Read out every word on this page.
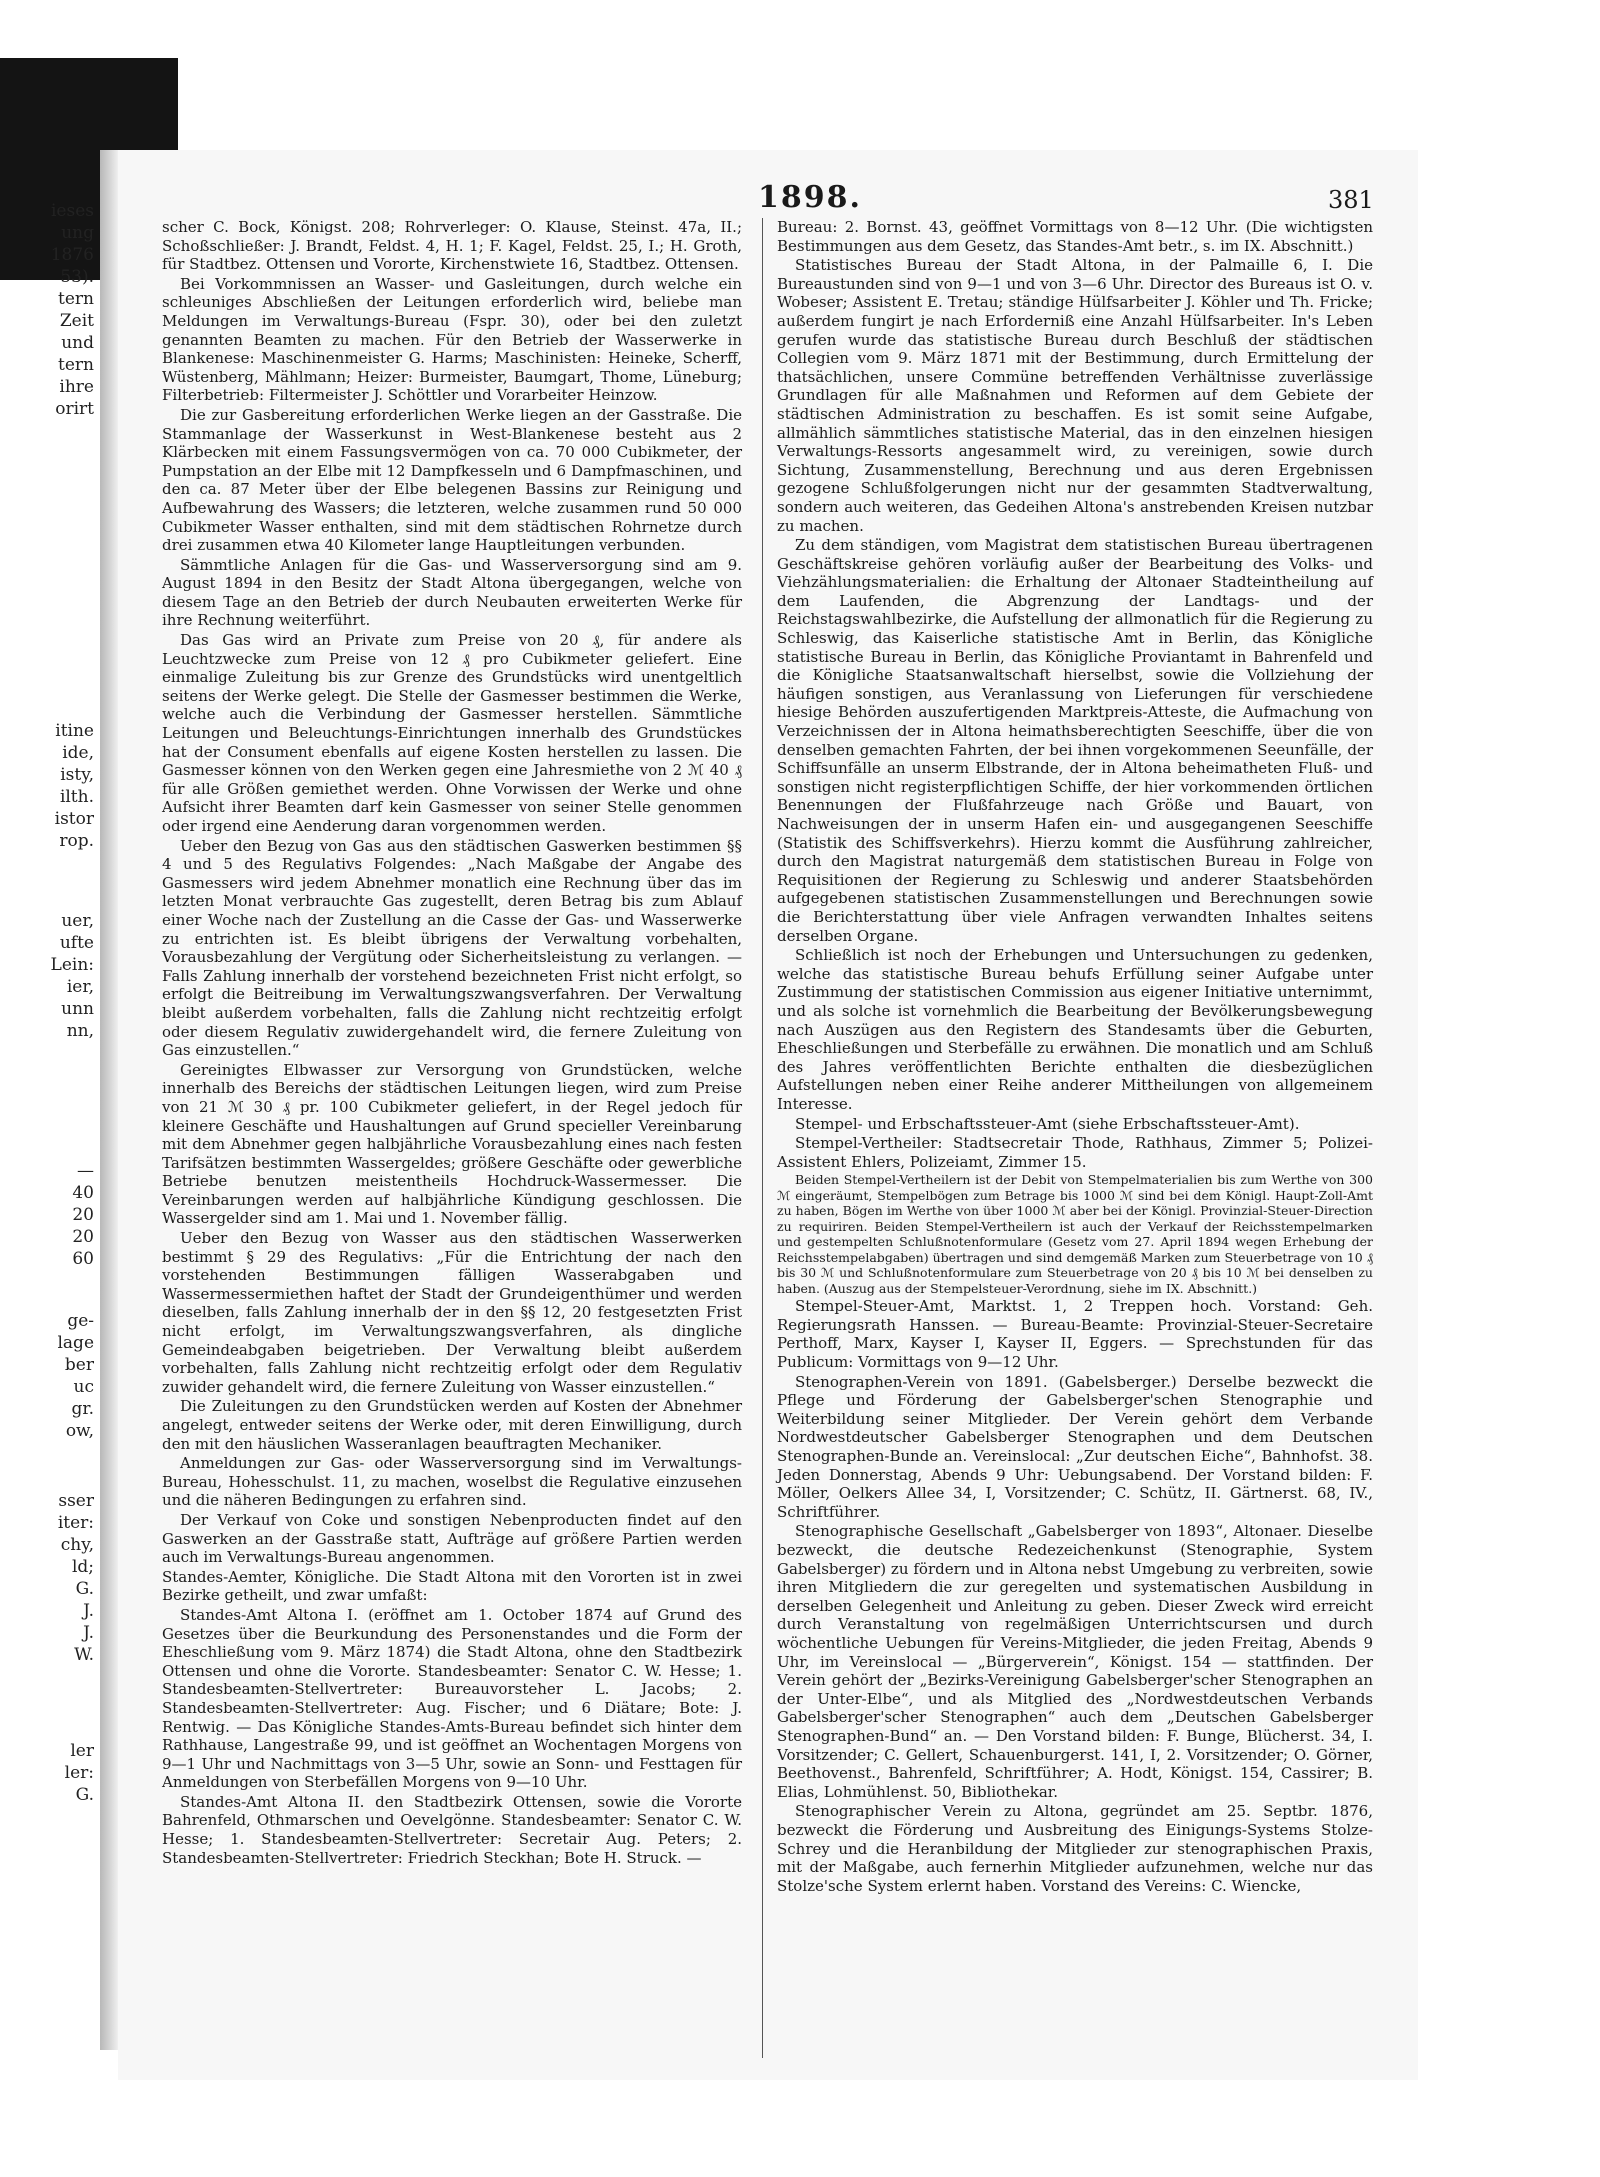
ieses
ung
1876
53).
tern
Zeit
und
tern
ihre
orirt
itine
ide,
isty,
ilth.
istor
rop.
uer,
ufte
Lein:
ier,
unn
nn,
—
40
20
20
60
ge-
lage
ber
uc
gr.
ow,
sser
iter:
chy,
ld;
G.
J.
J.
W.
ler
ler:
G.
1898.	381

scher C. Bock, Königst. 208; Rohrverleger: O. Klause, Steinst. 47a, II.; Schoßschließer: J. Brandt, Feldst. 4, H. 1; F. Kagel, Feldst. 25, I.; H. Groth, für Stadtbez. Ottensen und Vororte, Kirchenstwiete 16, Stadtbez. Ottensen.

Bei Vorkommnissen an Wasser- und Gasleitungen, durch welche ein schleuniges Abschließen der Leitungen erforderlich wird, beliebe man Meldungen im Verwaltungs-Bureau (Fspr. 30), oder bei den zuletzt genannten Beamten zu machen. Für den Betrieb der Wasserwerke in Blankenese: Maschinenmeister G. Harms; Maschinisten: Heineke, Scherff, Wüstenberg, Mählmann; Heizer: Burmeister, Baumgart, Thome, Lüneburg; Filterbetrieb: Filtermeister J. Schöttler und Vorarbeiter Heinzow.

Die zur Gasbereitung erforderlichen Werke liegen an der Gasstraße. Die Stammanlage der Wasserkunst in West-Blankenese besteht aus 2 Klärbecken mit einem Fassungsvermögen von ca. 70 000 Cubikmeter, der Pumpstation an der Elbe mit 12 Dampfkesseln und 6 Dampfmaschinen, und den ca. 87 Meter über der Elbe belegenen Bassins zur Reinigung und Aufbewahrung des Wassers; die letzteren, welche zusammen rund 50 000 Cubikmeter Wasser enthalten, sind mit dem städtischen Rohrnetze durch drei zusammen etwa 40 Kilometer lange Hauptleitungen verbunden.

Sämmtliche Anlagen für die Gas- und Wasserversorgung sind am 9. August 1894 in den Besitz der Stadt Altona übergegangen, welche von diesem Tage an den Betrieb der durch Neubauten erweiterten Werke für ihre Rechnung weiterführt.

Das Gas wird an Private zum Preise von 20 ₰, für andere als Leuchtzwecke zum Preise von 12 ₰ pro Cubikmeter geliefert. Eine einmalige Zuleitung bis zur Grenze des Grundstücks wird unentgeltlich seitens der Werke gelegt. Die Stelle der Gasmesser bestimmen die Werke, welche auch die Verbindung der Gasmesser herstellen. Sämmtliche Leitungen und Beleuchtungs-Einrichtungen innerhalb des Grundstückes hat der Consument ebenfalls auf eigene Kosten herstellen zu lassen. Die Gasmesser können von den Werken gegen eine Jahresmiethe von 2 ℳ 40 ₰ für alle Größen gemiethet werden. Ohne Vorwissen der Werke und ohne Aufsicht ihrer Beamten darf kein Gasmesser von seiner Stelle genommen oder irgend eine Aenderung daran vorgenommen werden.

Ueber den Bezug von Gas aus den städtischen Gaswerken bestimmen §§ 4 und 5 des Regulativs Folgendes: „Nach Maßgabe der Angabe des Gasmessers wird jedem Abnehmer monatlich eine Rechnung über das im letzten Monat verbrauchte Gas zugestellt, deren Betrag bis zum Ablauf einer Woche nach der Zustellung an die Casse der Gas- und Wasserwerke zu entrichten ist. Es bleibt übrigens der Verwaltung vorbehalten, Vorausbezahlung der Vergütung oder Sicherheitsleistung zu verlangen. — Falls Zahlung innerhalb der vorstehend bezeichneten Frist nicht erfolgt, so erfolgt die Beitreibung im Verwaltungszwangsverfahren. Der Verwaltung bleibt außerdem vorbehalten, falls die Zahlung nicht rechtzeitig erfolgt oder diesem Regulativ zuwidergehandelt wird, die fernere Zuleitung von Gas einzustellen.“

Gereinigtes Elbwasser zur Versorgung von Grundstücken, welche innerhalb des Bereichs der städtischen Leitungen liegen, wird zum Preise von 21 ℳ 30 ₰ pr. 100 Cubikmeter geliefert, in der Regel jedoch für kleinere Geschäfte und Haushaltungen auf Grund specieller Vereinbarung mit dem Abnehmer gegen halbjährliche Vorausbezahlung eines nach festen Tarifsätzen bestimmten Wassergeldes; größere Geschäfte oder gewerbliche Betriebe benutzen meistentheils Hochdruck-Wassermesser. Die Vereinbarungen werden auf halbjährliche Kündigung geschlossen. Die Wassergelder sind am 1. Mai und 1. November fällig.

Ueber den Bezug von Wasser aus den städtischen Wasserwerken bestimmt § 29 des Regulativs: „Für die Entrichtung der nach den vorstehenden Bestimmungen fälligen Wasserabgaben und Wassermessermiethen haftet der Stadt der Grundeigenthümer und werden dieselben, falls Zahlung innerhalb der in den §§ 12, 20 festgesetzten Frist nicht erfolgt, im Verwaltungszwangsverfahren, als dingliche Gemeindeabgaben beigetrieben. Der Verwaltung bleibt außerdem vorbehalten, falls Zahlung nicht rechtzeitig erfolgt oder dem Regulativ zuwider gehandelt wird, die fernere Zuleitung von Wasser einzustellen.“

Die Zuleitungen zu den Grundstücken werden auf Kosten der Abnehmer angelegt, entweder seitens der Werke oder, mit deren Einwilligung, durch den mit den häuslichen Wasseranlagen beauftragten Mechaniker.

Anmeldungen zur Gas- oder Wasserversorgung sind im Verwaltungs-Bureau, Hohesschulst. 11, zu machen, woselbst die Regulative einzusehen und die näheren Bedingungen zu erfahren sind.

Der Verkauf von Coke und sonstigen Nebenproducten findet auf den Gaswerken an der Gasstraße statt, Aufträge auf größere Partien werden auch im Verwaltungs-Bureau angenommen.

Standes-Aemter, Königliche. Die Stadt Altona mit den Vororten ist in zwei Bezirke getheilt, und zwar umfaßt:

Standes-Amt Altona I. (eröffnet am 1. October 1874 auf Grund des Gesetzes über die Beurkundung des Personenstandes und die Form der Eheschließung vom 9. März 1874) die Stadt Altona, ohne den Stadtbezirk Ottensen und ohne die Vororte. Standesbeamter: Senator C. W. Hesse; 1. Standesbeamten-Stellvertreter: Bureauvorsteher L. Jacobs; 2. Standesbeamten-Stellvertreter: Aug. Fischer; und 6 Diätare; Bote: J. Rentwig. — Das Königliche Standes-Amts-Bureau befindet sich hinter dem Rathhause, Langestraße 99, und ist geöffnet an Wochentagen Morgens von 9—1 Uhr und Nachmittags von 3—5 Uhr, sowie an Sonn- und Festtagen für Anmeldungen von Sterbefällen Morgens von 9—10 Uhr.

Standes-Amt Altona II. den Stadtbezirk Ottensen, sowie die Vororte Bahrenfeld, Othmarschen und Oevelgönne. Standesbeamter: Senator C. W. Hesse; 1. Standesbeamten-Stellvertreter: Secretair Aug. Peters; 2. Standesbeamten-Stellvertreter: Friedrich Steckhan; Bote H. Struck. —

Bureau: 2. Bornst. 43, geöffnet Vormittags von 8—12 Uhr. (Die wichtigsten Bestimmungen aus dem Gesetz, das Standes-Amt betr., s. im IX. Abschnitt.)

Statistisches Bureau der Stadt Altona, in der Palmaille 6, I. Die Bureaustunden sind von 9—1 und von 3—6 Uhr. Director des Bureaus ist O. v. Wobeser; Assistent E. Tretau; ständige Hülfsarbeiter J. Köhler und Th. Fricke; außerdem fungirt je nach Erforderniß eine Anzahl Hülfsarbeiter. In's Leben gerufen wurde das statistische Bureau durch Beschluß der städtischen Collegien vom 9. März 1871 mit der Bestimmung, durch Ermittelung der thatsächlichen, unsere Commüne betreffenden Verhältnisse zuverlässige Grundlagen für alle Maßnahmen und Reformen auf dem Gebiete der städtischen Administration zu beschaffen. Es ist somit seine Aufgabe, allmählich sämmtliches statistische Material, das in den einzelnen hiesigen Verwaltungs-Ressorts angesammelt wird, zu vereinigen, sowie durch Sichtung, Zusammenstellung, Berechnung und aus deren Ergebnissen gezogene Schlußfolgerungen nicht nur der gesammten Stadtverwaltung, sondern auch weiteren, das Gedeihen Altona's anstrebenden Kreisen nutzbar zu machen.

Zu dem ständigen, vom Magistrat dem statistischen Bureau übertragenen Geschäftskreise gehören vorläufig außer der Bearbeitung des Volks- und Viehzählungsmaterialien: die Erhaltung der Altonaer Stadteintheilung auf dem Laufenden, die Abgrenzung der Landtags- und der Reichstagswahlbezirke, die Aufstellung der allmonatlich für die Regierung zu Schleswig, das Kaiserliche statistische Amt in Berlin, das Königliche statistische Bureau in Berlin, das Königliche Proviantamt in Bahrenfeld und die Königliche Staatsanwaltschaft hierselbst, sowie die Vollziehung der häufigen sonstigen, aus Veranlassung von Lieferungen für verschiedene hiesige Behörden auszufertigenden Marktpreis-Atteste, die Aufmachung von Verzeichnissen der in Altona heimathsberechtigten Seeschiffe, über die von denselben gemachten Fahrten, der bei ihnen vorgekommenen Seeunfälle, der Schiffsunfälle an unserm Elbstrande, der in Altona beheimatheten Fluß- und sonstigen nicht registerpflichtigen Schiffe, der hier vorkommenden örtlichen Benennungen der Flußfahrzeuge nach Größe und Bauart, von Nachweisungen der in unserm Hafen ein- und ausgegangenen Seeschiffe (Statistik des Schiffsverkehrs). Hierzu kommt die Ausführung zahlreicher, durch den Magistrat naturgemäß dem statistischen Bureau in Folge von Requisitionen der Regierung zu Schleswig und anderer Staatsbehörden aufgegebenen statistischen Zusammenstellungen und Berechnungen sowie die Berichterstattung über viele Anfragen verwandten Inhaltes seitens derselben Organe.

Schließlich ist noch der Erhebungen und Untersuchungen zu gedenken, welche das statistische Bureau behufs Erfüllung seiner Aufgabe unter Zustimmung der statistischen Commission aus eigener Initiative unternimmt, und als solche ist vornehmlich die Bearbeitung der Bevölkerungsbewegung nach Auszügen aus den Registern des Standesamts über die Geburten, Eheschließungen und Sterbefälle zu erwähnen. Die monatlich und am Schluß des Jahres veröffentlichten Berichte enthalten die diesbezüglichen Aufstellungen neben einer Reihe anderer Mittheilungen von allgemeinem Interesse.

Stempel- und Erbschaftssteuer-Amt (siehe Erbschaftssteuer-Amt).

Stempel-Vertheiler: Stadtsecretair Thode, Rathhaus, Zimmer 5; Polizei-Assistent Ehlers, Polizeiamt, Zimmer 15.

Beiden Stempel-Vertheilern ist der Debit von Stempelmaterialien bis zum Werthe von 300 ℳ eingeräumt, Stempelbögen zum Betrage bis 1000 ℳ sind bei dem Königl. Haupt-Zoll-Amt zu haben, Bögen im Werthe von über 1000 ℳ aber bei der Königl. Provinzial-Steuer-Direction zu requiriren. Beiden Stempel-Vertheilern ist auch der Verkauf der Reichsstempelmarken und gestempelten Schlußnotenformulare (Gesetz vom 27. April 1894 wegen Erhebung der Reichsstempelabgaben) übertragen und sind demgemäß Marken zum Steuerbetrage von 10 ₰ bis 30 ℳ und Schlußnotenformulare zum Steuerbetrage von 20 ₰ bis 10 ℳ bei denselben zu haben. (Auszug aus der Stempelsteuer-Verordnung, siehe im IX. Abschnitt.)

Stempel-Steuer-Amt, Marktst. 1, 2 Treppen hoch. Vorstand: Geh. Regierungsrath Hanssen. — Bureau-Beamte: Provinzial-Steuer-Secretaire Perthoff, Marx, Kayser I, Kayser II, Eggers. — Sprechstunden für das Publicum: Vormittags von 9—12 Uhr.

Stenographen-Verein von 1891. (Gabelsberger.) Derselbe bezweckt die Pflege und Förderung der Gabelsberger'schen Stenographie und Weiterbildung seiner Mitglieder. Der Verein gehört dem Verbande Nordwestdeutscher Gabelsberger Stenographen und dem Deutschen Stenographen-Bunde an. Vereinslocal: „Zur deutschen Eiche“, Bahnhofst. 38. Jeden Donnerstag, Abends 9 Uhr: Uebungsabend. Der Vorstand bilden: F. Möller, Oelkers Allee 34, I, Vorsitzender; C. Schütz, II. Gärtnerst. 68, IV., Schriftführer.

Stenographische Gesellschaft „Gabelsberger von 1893“, Altonaer. Dieselbe bezweckt, die deutsche Redezeichenkunst (Stenographie, System Gabelsberger) zu fördern und in Altona nebst Umgebung zu verbreiten, sowie ihren Mitgliedern die zur geregelten und systematischen Ausbildung in derselben Gelegenheit und Anleitung zu geben. Dieser Zweck wird erreicht durch Veranstaltung von regelmäßigen Unterrichtscursen und durch wöchentliche Uebungen für Vereins-Mitglieder, die jeden Freitag, Abends 9 Uhr, im Vereinslocal — „Bürgerverein“, Königst. 154 — stattfinden. Der Verein gehört der „Bezirks-Vereinigung Gabelsberger'scher Stenographen an der Unter-Elbe“, und als Mitglied des „Nordwestdeutschen Verbands Gabelsberger'scher Stenographen“ auch dem „Deutschen Gabelsberger Stenographen-Bund“ an. — Den Vorstand bilden: F. Bunge, Blücherst. 34, I. Vorsitzender; C. Gellert, Schauenburgerst. 141, I, 2. Vorsitzender; O. Görner, Beethovenst., Bahrenfeld, Schriftführer; A. Hodt, Königst. 154, Cassirer; B. Elias, Lohmühlenst. 50, Bibliothekar.

Stenographischer Verein zu Altona, gegründet am 25. Septbr. 1876, bezweckt die Förderung und Ausbreitung des Einigungs-Systems Stolze-Schrey und die Heranbildung der Mitglieder zur stenographischen Praxis, mit der Maßgabe, auch fernerhin Mitglieder aufzunehmen, welche nur das Stolze'sche System erlernt haben. Vorstand des Vereins: C. Wiencke,
